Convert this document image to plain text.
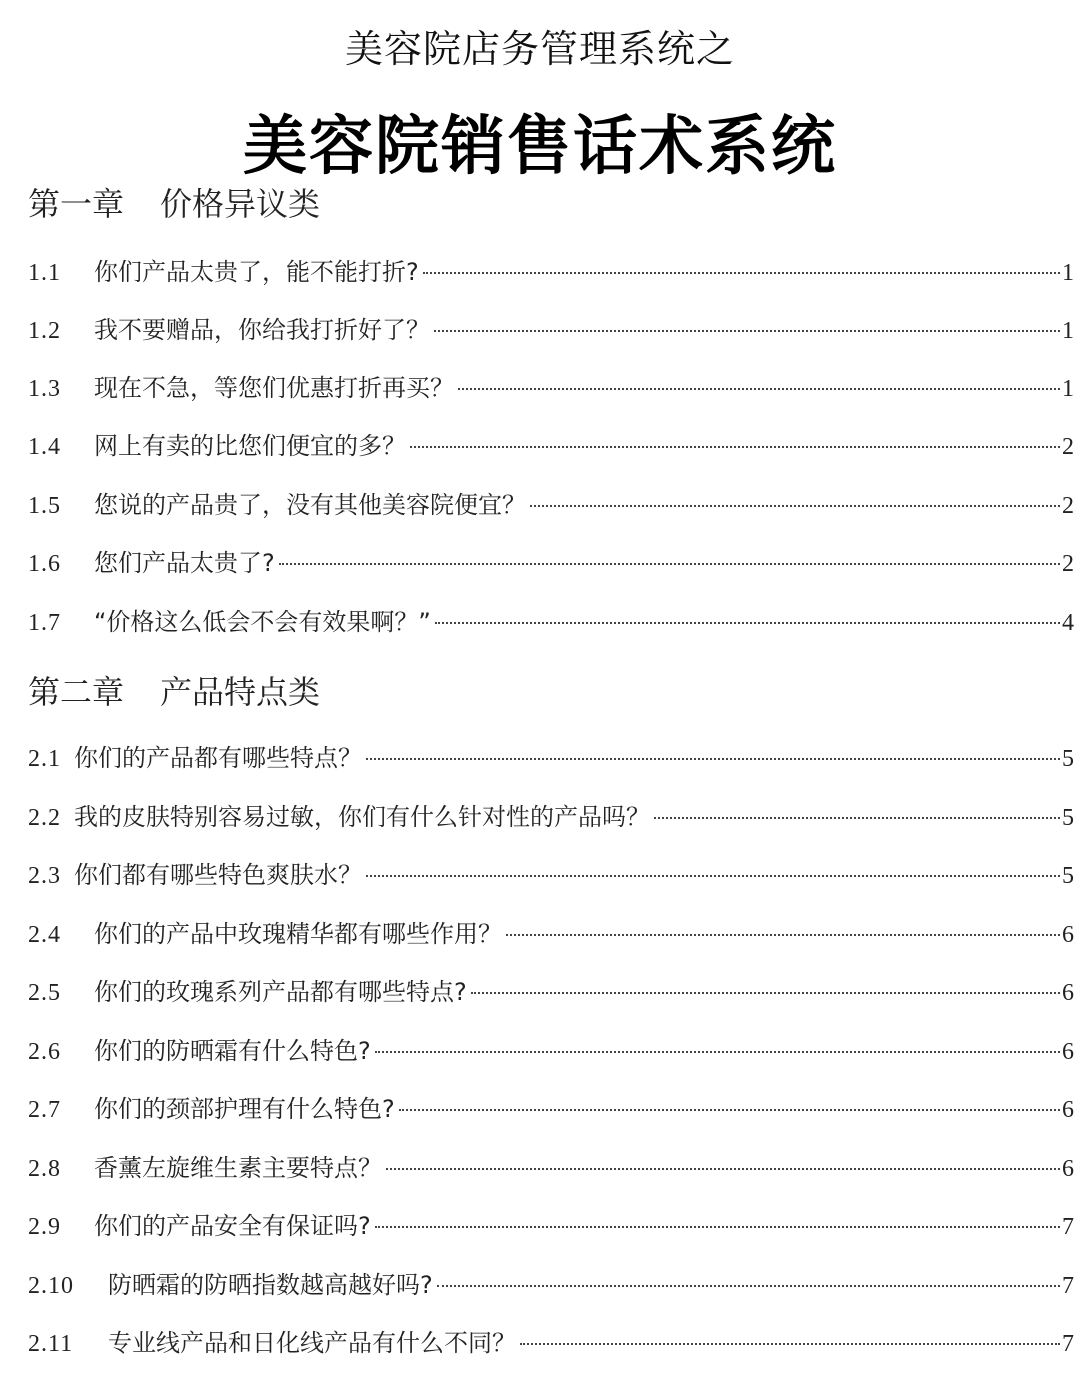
美容院店务管理系统之
美容院销售话术系统
第一章 价格异议类
1.1	你们产品太贵了，能不能打折?	1
1.2	我不要赠品，你给我打折好了？	1
1.3	现在不急，等您们优惠打折再买？	1
1.4	网上有卖的比您们便宜的多？	2
1.5	您说的产品贵了，没有其他美容院便宜？	2
1.6	您们产品太贵了?	2
1.7	“价格这么低会不会有效果啊？”	4
第二章 产品特点类
2.1 你们的产品都有哪些特点？	5
2.2 我的皮肤特别容易过敏，你们有什么针对性的产品吗？	5
2.3 你们都有哪些特色爽肤水？	5
2.4	你们的产品中玫瑰精华都有哪些作用？	6
2.5	你们的玫瑰系列产品都有哪些特点?	6
2.6	你们的防晒霜有什么特色?	6
2.7	你们的颈部护理有什么特色?	6
2.8	香薰左旋维生素主要特点？	6
2.9	你们的产品安全有保证吗?	7
2.10	防晒霜的防晒指数越高越好吗?	7
2.11	专业线产品和日化线产品有什么不同？	7
